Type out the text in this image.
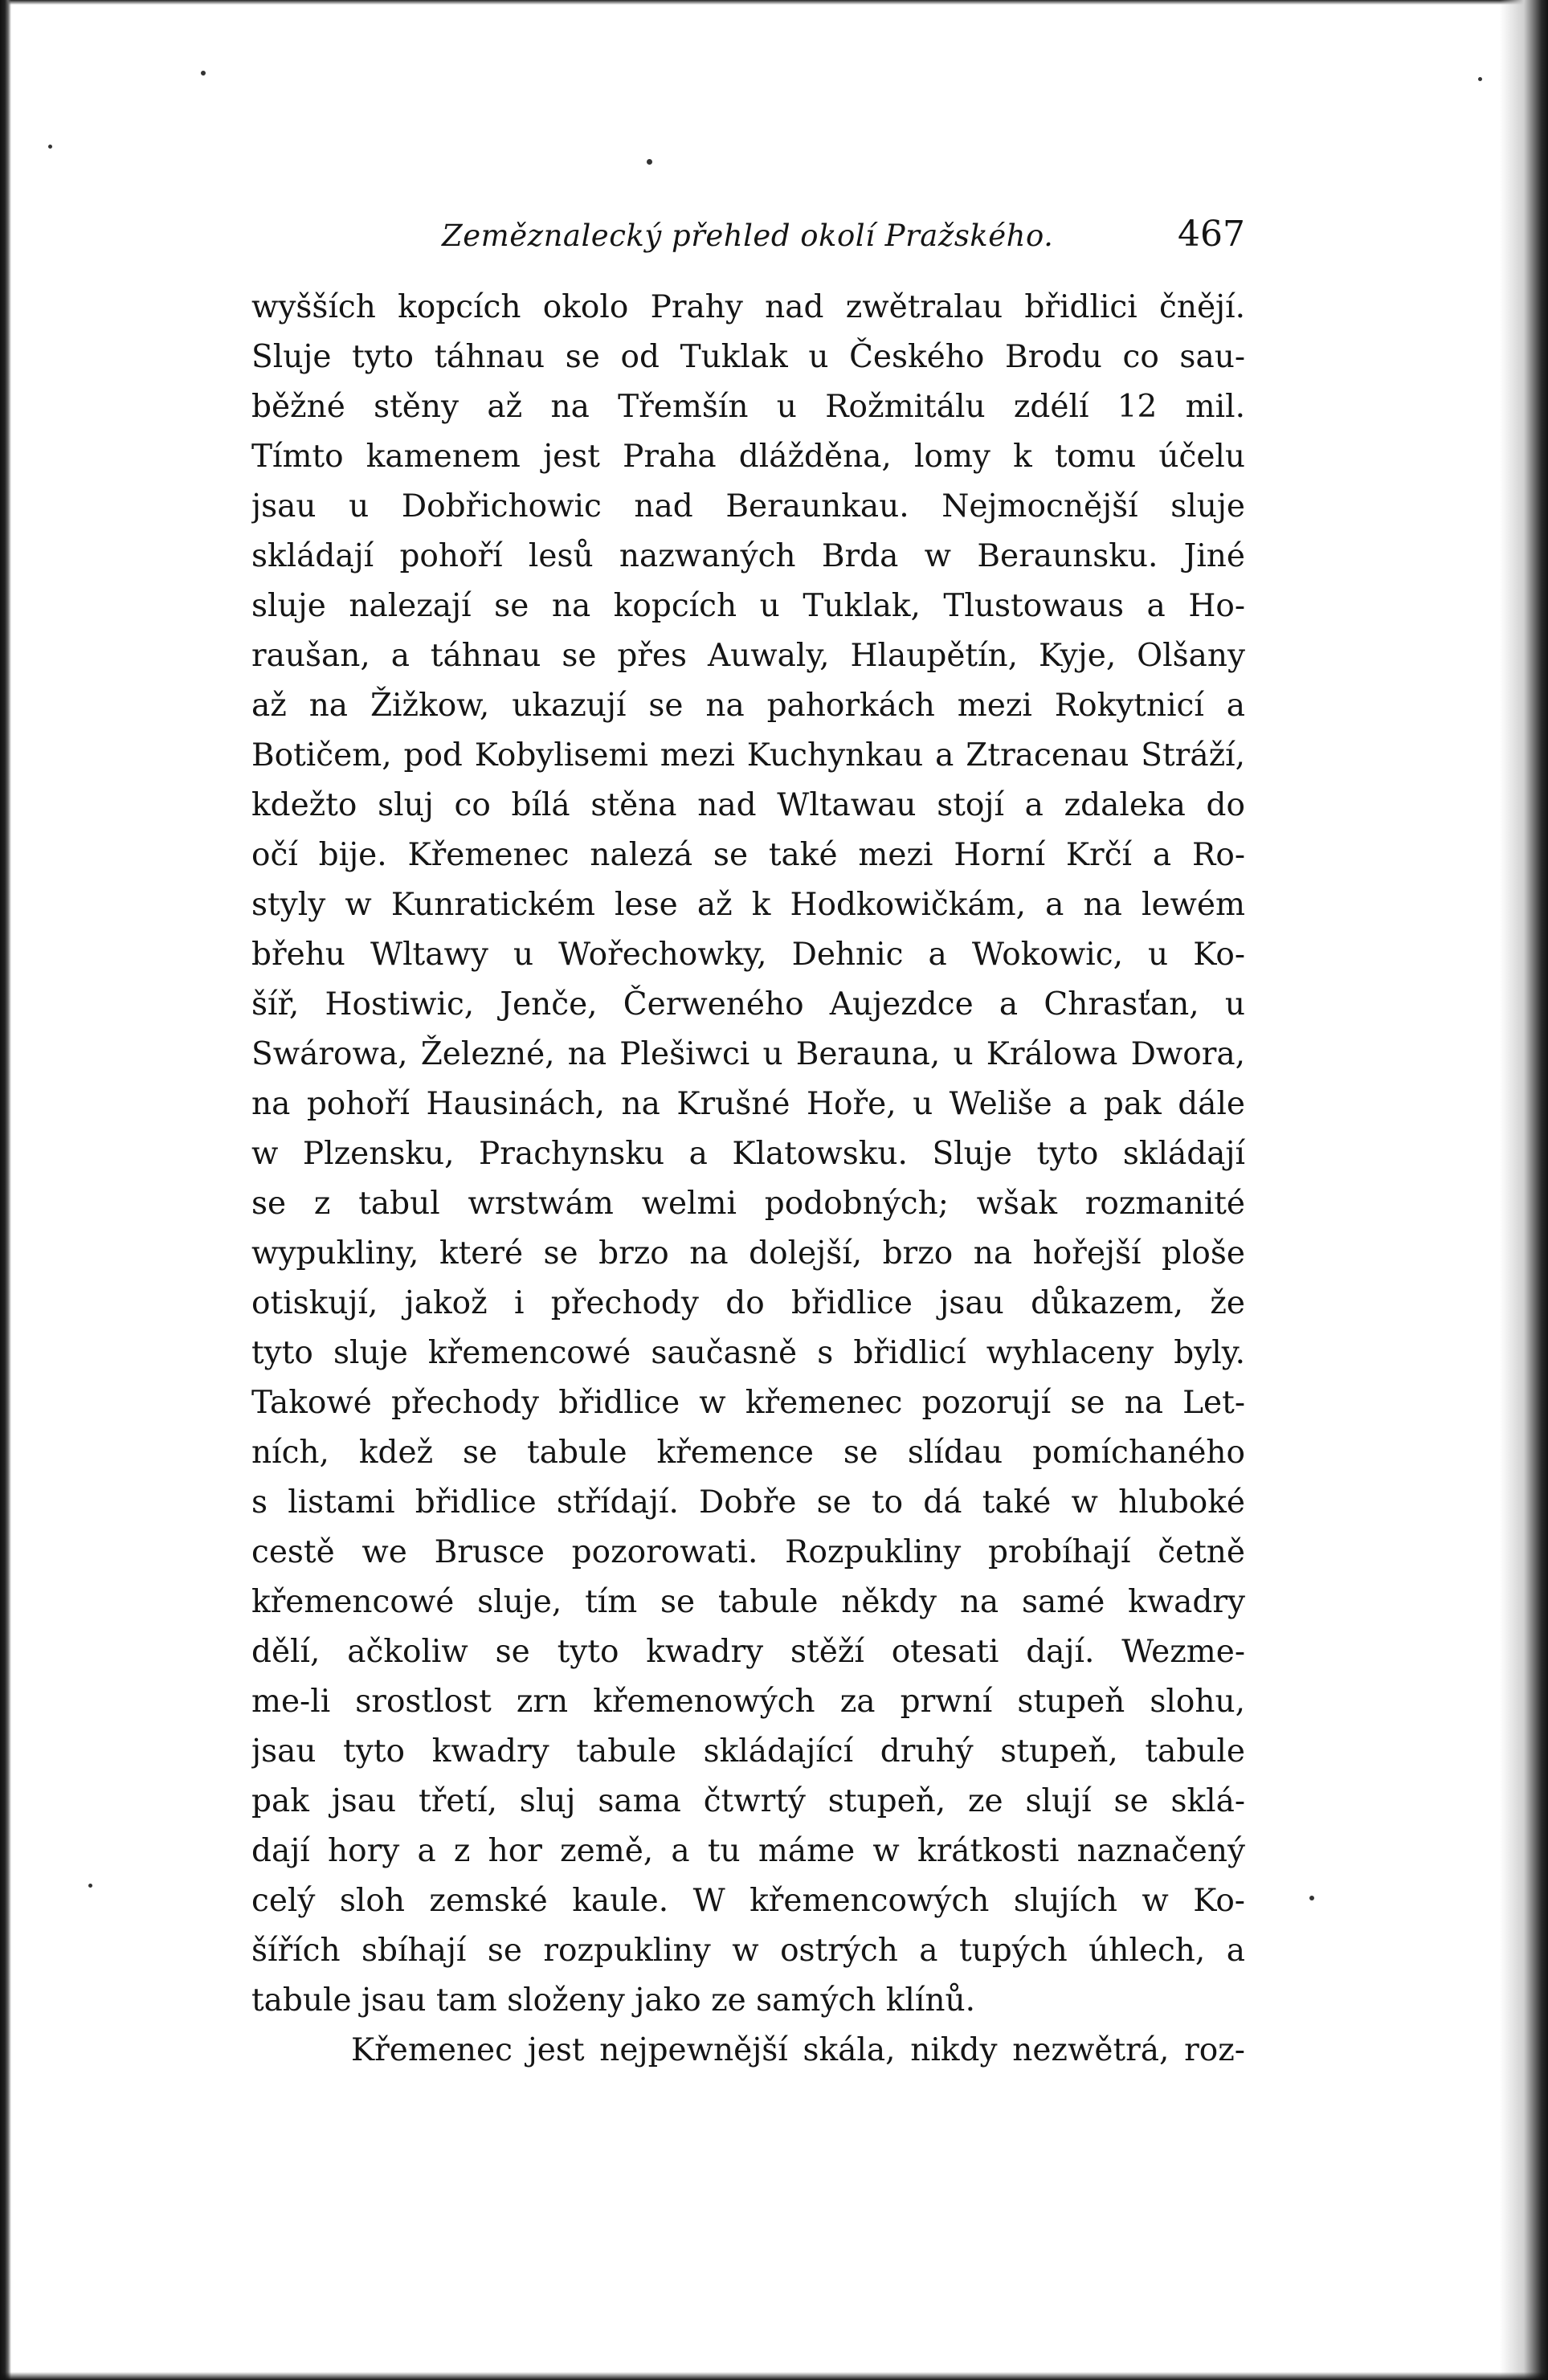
Zeměznalecký přehled okolí Pražského.	467
wyšších kopcích okolo Prahy nad zwětralau břidlici čnějí.
Sluje tyto táhnau se od Tuklak u Českého Brodu co sau-
běžné stěny až na Třemšín u Rožmitálu zdélí 12 mil.
Tímto kamenem jest Praha dlážděna, lomy k tomu účelu
jsau u Dobřichowic nad Beraunkau. Nejmocnější sluje
skládají pohoří lesů nazwaných Brda w Beraunsku. Jiné
sluje nalezají se na kopcích u Tuklak, Tlustowaus a Ho-
raušan, a táhnau se přes Auwaly, Hlaupětín, Kyje, Olšany
až na Žižkow, ukazují se na pahorkách mezi Rokytnicí a
Botičem, pod Kobylisemi mezi Kuchynkau a Ztracenau Stráží,
kdežto sluj co bílá stěna nad Wltawau stojí a zdaleka do
očí bije. Křemenec nalezá se také mezi Horní Krčí a Ro-
styly w Kunratickém lese až k Hodkowičkám, a na lewém
břehu Wltawy u Wořechowky, Dehnic a Wokowic, u Ko-
šíř, Hostiwic, Jenče, Čerweného Aujezdce a Chrasťan, u
Swárowa, Železné, na Plešiwci u Berauna, u Králowa Dwora,
na pohoří Hausinách, na Krušné Hoře, u Weliše a pak dále
w Plzensku, Prachynsku a Klatowsku. Sluje tyto skládají
se z tabul wrstwám welmi podobných; wšak rozmanité
wypukliny, které se brzo na dolejší, brzo na hořejší ploše
otiskují, jakož i přechody do břidlice jsau důkazem, že
tyto sluje křemencowé saučasně s břidlicí wyhlaceny byly.
Takowé přechody břidlice w křemenec pozorují se na Let-
ních, kdež se tabule křemence se slídau pomíchaného
s listami břidlice střídají. Dobře se to dá také w hluboké
cestě we Brusce pozorowati. Rozpukliny probíhají četně
křemencowé sluje, tím se tabule někdy na samé kwadry
dělí, ačkoliw se tyto kwadry stěží otesati dají. Wezme-
me-li srostlost zrn křemenowých za prwní stupeň slohu,
jsau tyto kwadry tabule skládající druhý stupeň, tabule
pak jsau třetí, sluj sama čtwrtý stupeň, ze slují se sklá-
dají hory a z hor země, a tu máme w krátkosti naznačený
celý sloh zemské kaule. W křemencowých slujích w Ko-
šířích sbíhají se rozpukliny w ostrých a tupých úhlech, a
tabule jsau tam složeny jako ze samých klínů.
Křemenec jest nejpewnější skála, nikdy nezwětrá, roz-
